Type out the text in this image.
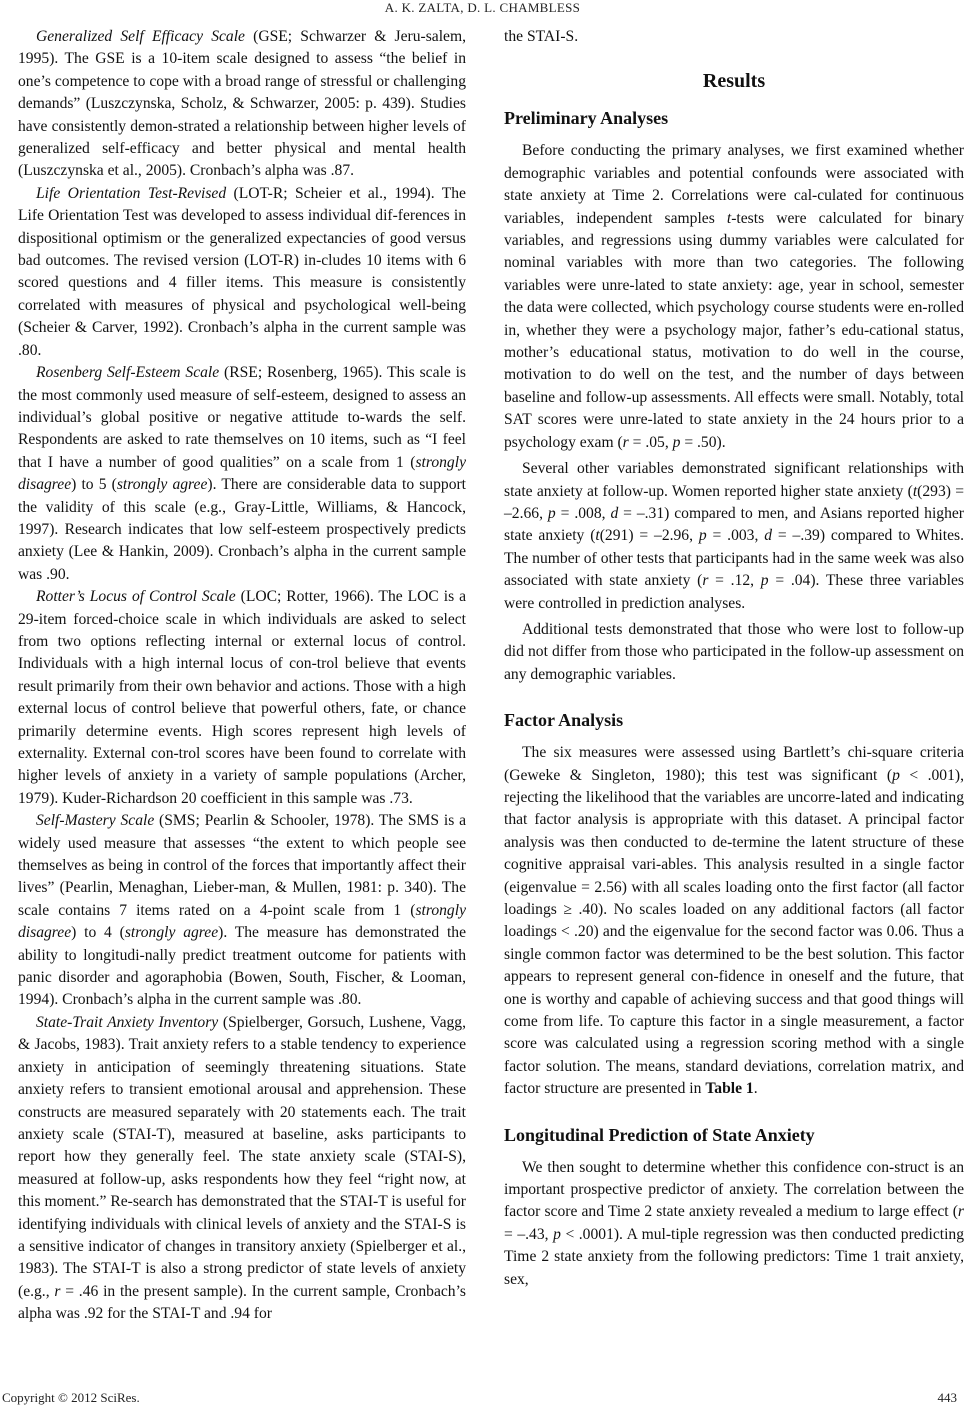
A. K. ZALTA, D. L. CHAMBLESS

Generalized Self Efficacy Scale (GSE; Schwarzer & Jeru-salem, 1995). The GSE is a 10-item scale designed to assess “the belief in one’s competence to cope with a broad range of stressful or challenging demands” (Luszczynska, Scholz, & Schwarzer, 2005: p. 439). Studies have consistently demon-strated a relationship between higher levels of generalized self-efficacy and better physical and mental health (Luszczynska et al., 2005). Cronbach’s alpha was .87.

Life Orientation Test-Revised (LOT-R; Scheier et al., 1994). The Life Orientation Test was developed to assess individual dif-ferences in dispositional optimism or the generalized expectancies of good versus bad outcomes. The revised version (LOT-R) in-cludes 10 items with 6 scored questions and 4 filler items. This measure is consistently correlated with measures of physical and psychological well-being (Scheier & Carver, 1992). Cronbach’s alpha in the current sample was .80.

Rosenberg Self-Esteem Scale (RSE; Rosenberg, 1965). This scale is the most commonly used measure of self-esteem, designed to assess an individual’s global positive or negative attitude to-wards the self. Respondents are asked to rate themselves on 10 items, such as “I feel that I have a number of good qualities” on a scale from 1 (strongly disagree) to 5 (strongly agree). There are considerable data to support the validity of this scale (e.g., Gray-Little, Williams, & Hancock, 1997). Research indicates that low self-esteem prospectively predicts anxiety (Lee & Hankin, 2009). Cronbach’s alpha in the current sample was .90.

Rotter’s Locus of Control Scale (LOC; Rotter, 1966). The LOC is a 29-item forced-choice scale in which individuals are asked to select from two options reflecting internal or external locus of control. Individuals with a high internal locus of con-trol believe that events result primarily from their own behavior and actions. Those with a high external locus of control believe that powerful others, fate, or chance primarily determine events. High scores represent high levels of externality. External con-trol scores have been found to correlate with higher levels of anxiety in a variety of sample populations (Archer, 1979). Kuder-Richardson 20 coefficient in this sample was .73.

Self-Mastery Scale (SMS; Pearlin & Schooler, 1978). The SMS is a widely used measure that assesses “the extent to which people see themselves as being in control of the forces that importantly affect their lives” (Pearlin, Menaghan, Lieber-man, & Mullen, 1981: p. 340). The scale contains 7 items rated on a 4-point scale from 1 (strongly disagree) to 4 (strongly agree). The measure has demonstrated the ability to longitudi-nally predict treatment outcome for patients with panic disorder and agoraphobia (Bowen, South, Fischer, & Looman, 1994). Cronbach’s alpha in the current sample was .80.

State-Trait Anxiety Inventory (Spielberger, Gorsuch, Lushene, Vagg, & Jacobs, 1983). Trait anxiety refers to a stable tendency to experience anxiety in anticipation of seemingly threatening situations. State anxiety refers to transient emotional arousal and apprehension. These constructs are measured separately with 20 statements each. The trait anxiety scale (STAI-T), measured at baseline, asks participants to report how they generally feel. The state anxiety scale (STAI-S), measured at follow-up, asks respondents how they feel “right now, at this moment.” Re-search has demonstrated that the STAI-T is useful for identifying individuals with clinical levels of anxiety and the STAI-S is a sensitive indicator of changes in transitory anxiety (Spielberger et al., 1983). The STAI-T is also a strong predictor of state levels of anxiety (e.g., r = .46 in the present sample). In the current sample, Cronbach’s alpha was .92 for the STAI-T and .94 for

the STAI-S.

Results
Preliminary Analyses

Before conducting the primary analyses, we first examined whether demographic variables and potential confounds were associated with state anxiety at Time 2. Correlations were cal-culated for continuous variables, independent samples t-tests were calculated for binary variables, and regressions using dummy variables were calculated for nominal variables with more than two categories. The following variables were unre-lated to state anxiety: age, year in school, semester the data were collected, which psychology course students were en-rolled in, whether they were a psychology major, father’s edu-cational status, mother’s educational status, motivation to do well in the course, motivation to do well on the test, and the number of days between baseline and follow-up assessments. All effects were small. Notably, total SAT scores were unre-lated to state anxiety in the 24 hours prior to a psychology exam (r = .05, p = .50).

Several other variables demonstrated significant relationships with state anxiety at follow-up. Women reported higher state anxiety (t(293) = –2.66, p = .008, d = –.31) compared to men, and Asians reported higher state anxiety (t(291) = –2.96, p = .003, d = –.39) compared to Whites. The number of other tests that participants had in the same week was also associated with state anxiety (r = .12, p = .04). These three variables were controlled in prediction analyses.

Additional tests demonstrated that those who were lost to follow-up did not differ from those who participated in the follow-up assessment on any demographic variables.

Factor Analysis

The six measures were assessed using Bartlett’s chi-square criteria (Geweke & Singleton, 1980); this test was significant (p < .001), rejecting the likelihood that the variables are uncorre-lated and indicating that factor analysis is appropriate with this dataset. A principal factor analysis was then conducted to de-termine the latent structure of these cognitive appraisal vari-ables. This analysis resulted in a single factor (eigenvalue = 2.56) with all scales loading onto the first factor (all factor loadings ≥ .40). No scales loaded on any additional factors (all factor loadings < .20) and the eigenvalue for the second factor was 0.06. Thus a single common factor was determined to be the best solution. This factor appears to represent general con-fidence in oneself and the future, that one is worthy and capable of achieving success and that good things will come from life. To capture this factor in a single measurement, a factor score was calculated using a regression scoring method with a single factor solution. The means, standard deviations, correlation matrix, and factor structure are presented in Table 1.

Longitudinal Prediction of State Anxiety

We then sought to determine whether this confidence con-struct is an important prospective predictor of anxiety. The correlation between the factor score and Time 2 state anxiety revealed a medium to large effect (r = –.43, p < .0001). A mul-tiple regression was then conducted predicting Time 2 state anxiety from the following predictors: Time 1 trait anxiety, sex,

Copyright © 2012 SciRes.	443
